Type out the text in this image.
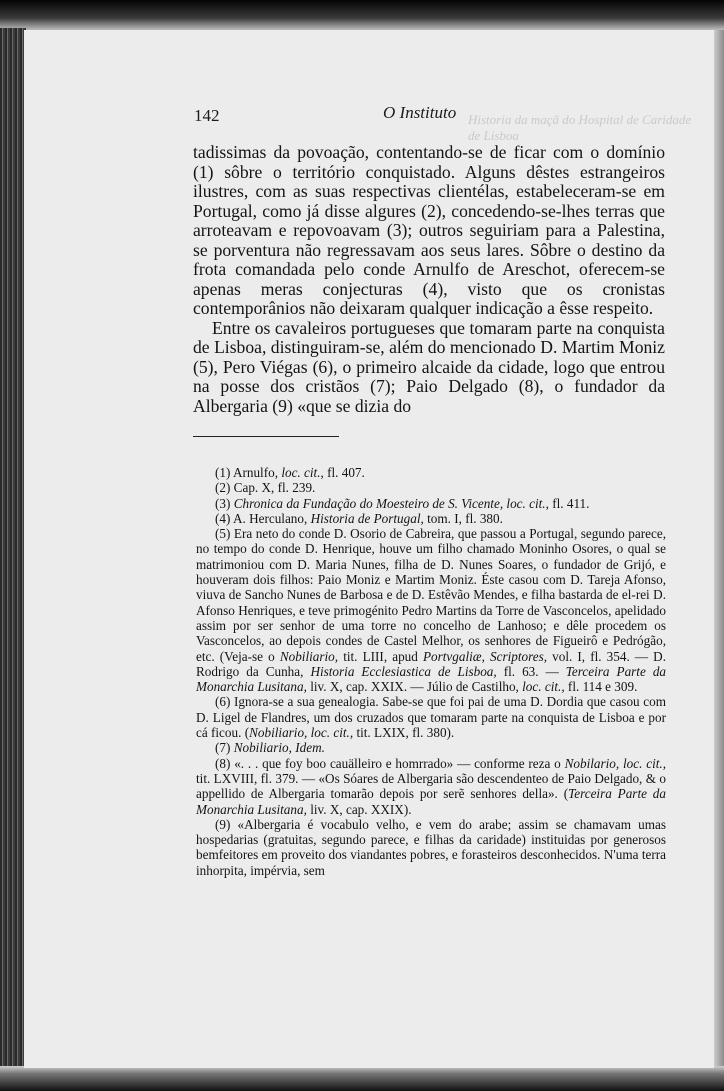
Historia da maçã do Hospital de Caridade de Lisboa
142	O Instituto

tadissimas da povoação, contentando-se de ficar com o domínio (1) sôbre o território conquistado. Alguns dêstes estrangeiros ilustres, com as suas respectivas clientélas, estabeleceram-se em Portugal, como já disse algures (2), concedendo-se-lhes terras que arroteavam e repovoavam (3); outros seguiriam para a Palestina, se porventura não regressavam aos seus lares. Sôbre o destino da frota comandada pelo conde Arnulfo de Areschot, oferecem-se apenas meras conjecturas (4), visto que os cronistas contemporânios não deixaram qualquer indicação a êsse respeito.

Entre os cavaleiros portugueses que tomaram parte na conquista de Lisboa, distinguiram-se, além do mencionado D. Martim Moniz (5), Pero Viégas (6), o primeiro alcaide da cidade, logo que entrou na posse dos cristãos (7); Paio Delgado (8), o fundador da Albergaria (9) «que se dizia do

(1) Arnulfo, loc. cit., fl. 407.

(2) Cap. X, fl. 239.

(3) Chronica da Fundação do Moesteiro de S. Vicente, loc. cit., fl. 411.

(4) A. Herculano, Historia de Portugal, tom. I, fl. 380.

(5) Era neto do conde D. Osorio de Cabreira, que passou a Portugal, segundo parece, no tempo do conde D. Henrique, houve um filho chamado Moninho Osores, o qual se matrimoniou com D. Maria Nunes, filha de D. Nunes Soares, o fundador de Grijó, e houveram dois filhos: Paio Moniz e Martim Moniz. Éste casou com D. Tareja Afonso, viuva de Sancho Nunes de Barbosa e de D. Estêvão Mendes, e filha bastarda de el-rei D. Afonso Henriques, e teve primogénito Pedro Martins da Torre de Vasconcelos, apelidado assim por ser senhor de uma torre no concelho de Lanhoso; e dêle procedem os Vasconcelos, ao depois condes de Castel Melhor, os senhores de Figueirô e Pedrógão, etc. (Veja-se o Nobiliario, tit. LIII, apud Portvgaliæ, Scriptores, vol. I, fl. 354. — D. Rodrigo da Cunha, Historia Ecclesiastica de Lisboa, fl. 63. — Terceira Parte da Monarchia Lusitana, liv. X, cap. XXIX. — Júlio de Castilho, loc. cit., fl. 114 e 309.

(6) Ignora-se a sua genealogia. Sabe-se que foi pai de uma D. Dordia que casou com D. Ligel de Flandres, um dos cruzados que tomaram parte na conquista de Lisboa e por cá ficou. (Nobiliario, loc. cit., tit. LXIX, fl. 380).

(7) Nobiliario, Idem.

(8) «. . . que foy boo cauälleiro e homrrado» — conforme reza o Nobilario, loc. cit., tit. LXVIII, fl. 379. — «Os Sóares de Albergaria são descendenteo de Paio Delgado, & o appellido de Albergaria tomarão depois por serẽ senhores della». (Terceira Parte da Monarchia Lusitana, liv. X, cap. XXIX).

(9) «Albergaria é vocabulo velho, e vem do arabe; assim se chamavam umas hospedarias (gratuitas, segundo parece, e filhas da caridade) instituidas por generosos bemfeitores em proveito dos viandantes pobres, e forasteiros desconhecidos. N'uma terra inhorpita, impérvia, sem
